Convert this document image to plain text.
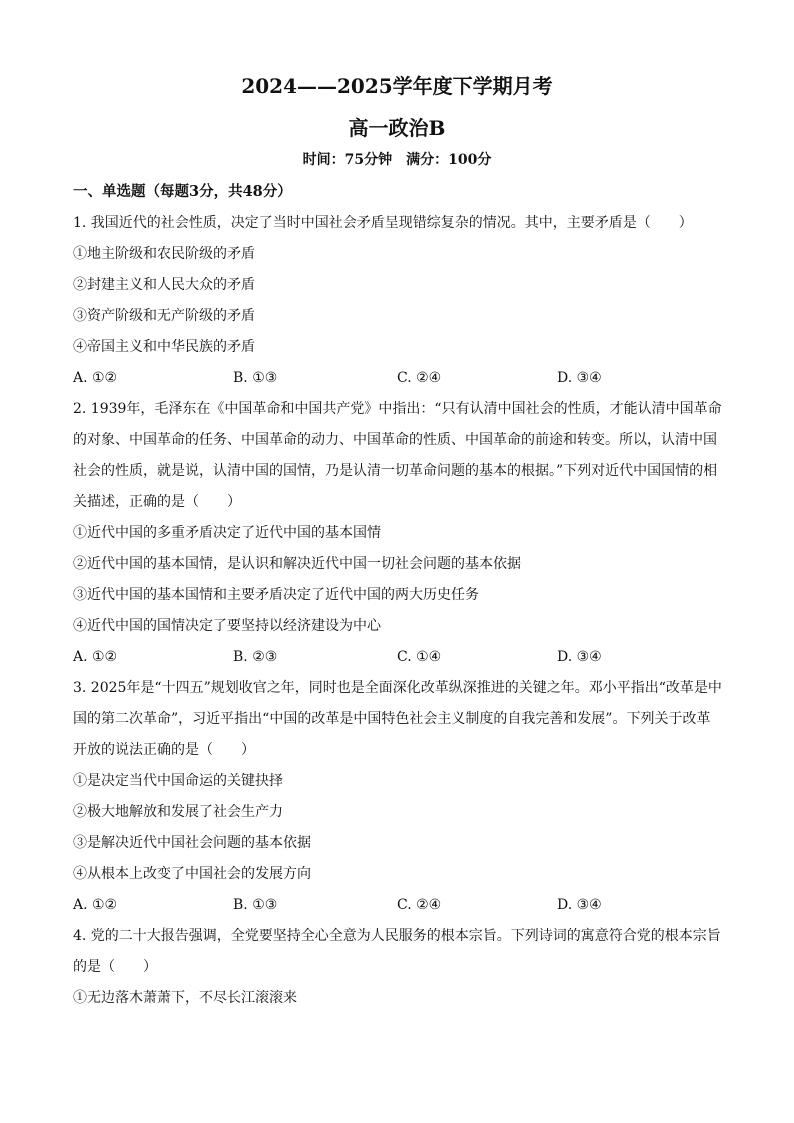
2024——2025学年度下学期月考
高一政治B
时间：75分钟　满分：100分
一、单选题（每题3分，共48分）

1. 我国近代的社会性质，决定了当时中国社会矛盾呈现错综复杂的情况。其中，主要矛盾是（　　）

①地主阶级和农民阶级的矛盾

②封建主义和人民大众的矛盾

③资产阶级和无产阶级的矛盾

④帝国主义和中华民族的矛盾

A. ①②	B. ①③	C. ②④	D. ③④

2. 1939年，毛泽东在《中国革命和中国共产党》中指出：“只有认清中国社会的性质，才能认清中国革命的对象、中国革命的任务、中国革命的动力、中国革命的性质、中国革命的前途和转变。所以，认清中国社会的性质，就是说，认清中国的国情，乃是认清一切革命问题的基本的根据。”下列对近代中国国情的相关描述，正确的是（　　）

①近代中国的多重矛盾决定了近代中国的基本国情

②近代中国的基本国情，是认识和解决近代中国一切社会问题的基本依据

③近代中国的基本国情和主要矛盾决定了近代中国的两大历史任务

④近代中国的国情决定了要坚持以经济建设为中心

A. ①②	B. ②③	C. ①④	D. ③④

3. 2025年是“十四五”规划收官之年，同时也是全面深化改革纵深推进的关键之年。邓小平指出“改革是中国的第二次革命”，习近平指出“中国的改革是中国特色社会主义制度的自我完善和发展”。下列关于改革开放的说法正确的是（　　）

①是决定当代中国命运的关键抉择

②极大地解放和发展了社会生产力

③是解决近代中国社会问题的基本依据

④从根本上改变了中国社会的发展方向

A. ①②	B. ①③	C. ②④	D. ③④

4. 党的二十大报告强调，全党要坚持全心全意为人民服务的根本宗旨。下列诗词的寓意符合党的根本宗旨的是（　　）

①无边落木萧萧下，不尽长江滚滚来
